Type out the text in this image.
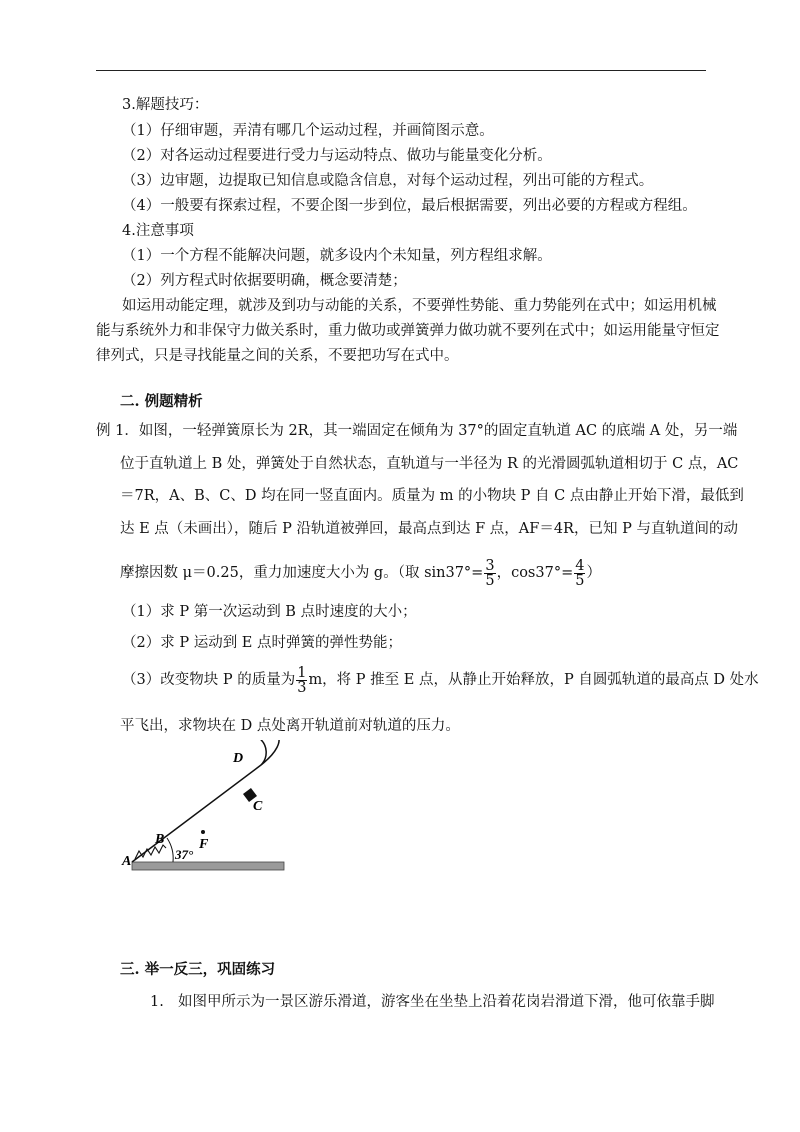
3.解题技巧：
（1）仔细审题，弄清有哪几个运动过程，并画简图示意。
（2）对各运动过程要进行受力与运动特点、做功与能量变化分析。
（3）边审题，边提取已知信息或隐含信息，对每个运动过程，列出可能的方程式。
（4）一般要有探索过程，不要企图一步到位，最后根据需要，列出必要的方程或方程组。
4.注意事项
（1）一个方程不能解决问题，就多设内个未知量，列方程组求解。
（2）列方程式时依据要明确，概念要清楚；
如运用动能定理，就涉及到功与动能的关系，不要弹性势能、重力势能列在式中；如运用机械
能与系统外力和非保守力做关系时，重力做功或弹簧弹力做功就不要列在式中；如运用能量守恒定
律列式，只是寻找能量之间的关系，不要把功写在式中。
二. 例题精析
例 1．如图，一轻弹簧原长为 2R，其一端固定在倾角为 37°的固定直轨道 AC 的底端 A 处，另一端
位于直轨道上 B 处，弹簧处于自然状态，直轨道与一半径为 R 的光滑圆弧轨道相切于 C 点，AC
＝7R，A、B、C、D 均在同一竖直面内。质量为 m 的小物块 P 自 C 点由静止开始下滑，最低到
达 E 点（未画出），随后 P 沿轨道被弹回，最高点到达 F 点，AF＝4R，已知 P 与直轨道间的动
摩擦因数 μ＝0.25，重力加速度大小为 g。（取 $\sin 37^\circ= \frac{3}{5}$ ，$\cos 37^\circ= \frac{4}{5}$ ）
（1）求 P 第一次运动到 B 点时速度的大小；
（2）求 P 运动到 E 点时弹簧的弹性势能；
（3）改变物块 P 的质量为 $\frac{1}{3}$ m，将 P 推至 E 点，从静止开始释放，P 自圆弧轨道的最高点 D 处水
平飞出，求物块在 D 点处离开轨道前对轨道的压力。
A
B
C
D
F
37°
三. 举一反三，巩固练习
1. 如图甲所示为一景区游乐滑道，游客坐在坐垫上沿着花岗岩滑道下滑，他可依靠手脚
